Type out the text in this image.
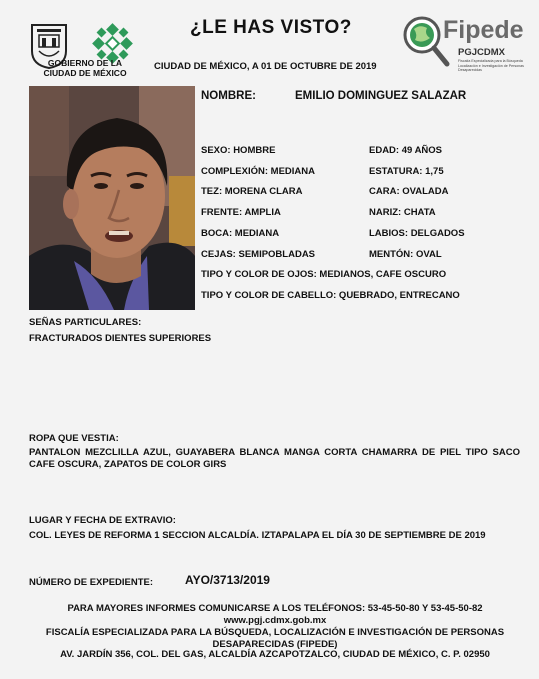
GOBIERNO DE LA
CIUDAD DE MÉXICO
¿LE HAS VISTO?
CIUDAD DE MÉXICO, A 01 DE OCTUBRE DE 2019
Fipede
PGJCDMX
Fiscalía Especializada para la Búsqueda Localización e Investigación de Personas Desaparecidas
NOMBRE:	EMILIO DOMINGUEZ SALAZAR
SEXO: HOMBRE	EDAD: 49 AÑOS
COMPLEXIÓN: MEDIANA	ESTATURA: 1,75
TEZ: MORENA CLARA	CARA: OVALADA
FRENTE: AMPLIA	NARIZ: CHATA
BOCA: MEDIANA	LABIOS: DELGADOS
CEJAS: SEMIPOBLADAS	MENTÓN: OVAL
TIPO Y COLOR DE OJOS: MEDIANOS, CAFE OSCURO
TIPO Y COLOR DE CABELLO: QUEBRADO, ENTRECANO
SEÑAS PARTICULARES:
FRACTURADOS DIENTES SUPERIORES
ROPA QUE VESTIA:
PANTALON MEZCLILLA AZUL, GUAYABERA BLANCA MANGA CORTA CHAMARRA DE PIEL TIPO SACO CAFE OSCURA, ZAPATOS DE COLOR GIRS
LUGAR Y FECHA DE EXTRAVIO:
COL. LEYES DE REFORMA 1 SECCION ALCALDÍA. IZTAPALAPA EL DÍA 30 DE SEPTIEMBRE DE 2019
NÚMERO DE EXPEDIENTE:	AYO/3713/2019
PARA MAYORES INFORMES COMUNICARSE A LOS TELÉFONOS: 53-45-50-80 Y 53-45-50-82
www.pgj.cdmx.gob.mx
FISCALÍA ESPECIALIZADA PARA LA BÚSQUEDA, LOCALIZACIÓN E INVESTIGACIÓN DE PERSONAS DESAPARECIDAS (FIPEDE)
AV. JARDÍN 356, COL. DEL GAS, ALCALDÍA AZCAPOTZALCO, CIUDAD DE MÉXICO, C. P. 02950
